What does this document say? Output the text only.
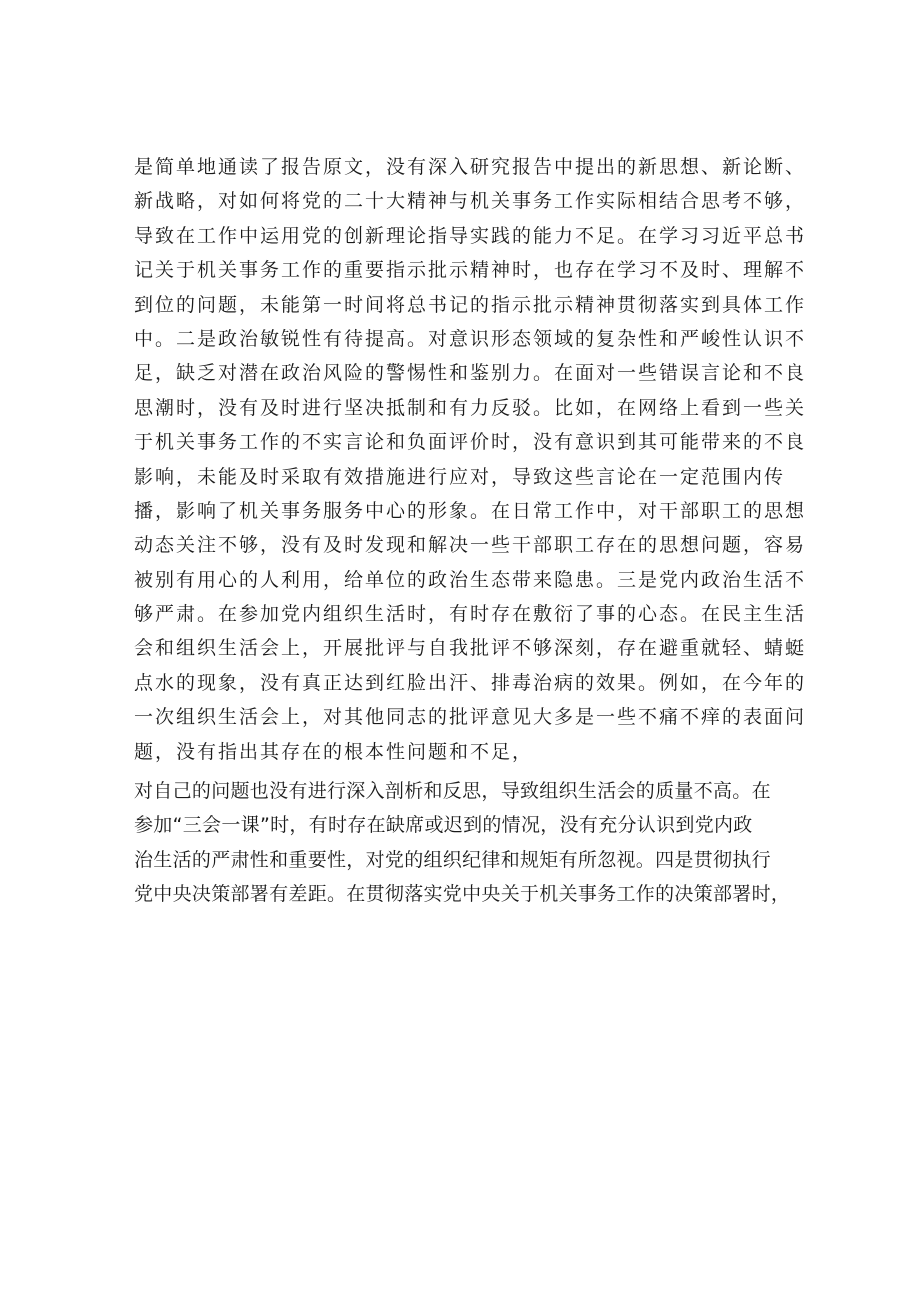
是简单地通读了报告原文，没有深入研究报告中提出的新思想、新论断、
新战略，对如何将党的二十大精神与机关事务工作实际相结合思考不够，
导致在工作中运用党的创新理论指导实践的能力不足。在学习习近平总书
记关于机关事务工作的重要指示批示精神时，也存在学习不及时、理解不
到位的问题，未能第一时间将总书记的指示批示精神贯彻落实到具体工作
中。二是政治敏锐性有待提高。对意识形态领域的复杂性和严峻性认识不
足，缺乏对潜在政治风险的警惕性和鉴别力。在面对一些错误言论和不良
思潮时，没有及时进行坚决抵制和有力反驳。比如，在网络上看到一些关
于机关事务工作的不实言论和负面评价时，没有意识到其可能带来的不良
影响，未能及时采取有效措施进行应对，导致这些言论在一定范围内传
播，影响了机关事务服务中心的形象。在日常工作中，对干部职工的思想
动态关注不够，没有及时发现和解决一些干部职工存在的思想问题，容易
被别有用心的人利用，给单位的政治生态带来隐患。三是党内政治生活不
够严肃。在参加党内组织生活时，有时存在敷衍了事的心态。在民主生活
会和组织生活会上，开展批评与自我批评不够深刻，存在避重就轻、蜻蜓
点水的现象，没有真正达到红脸出汗、排毒治病的效果。例如，在今年的
一次组织生活会上，对其他同志的批评意见大多是一些不痛不痒的表面问
题，没有指出其存在的根本性问题和不足，
对自己的问题也没有进行深入剖析和反思，导致组织生活会的质量不高。在
参加“三会一课”时，有时存在缺席或迟到的情况，没有充分认识到党内政
治生活的严肃性和重要性，对党的组织纪律和规矩有所忽视。四是贯彻执行
党中央决策部署有差距。在贯彻落实党中央关于机关事务工作的决策部署时，
